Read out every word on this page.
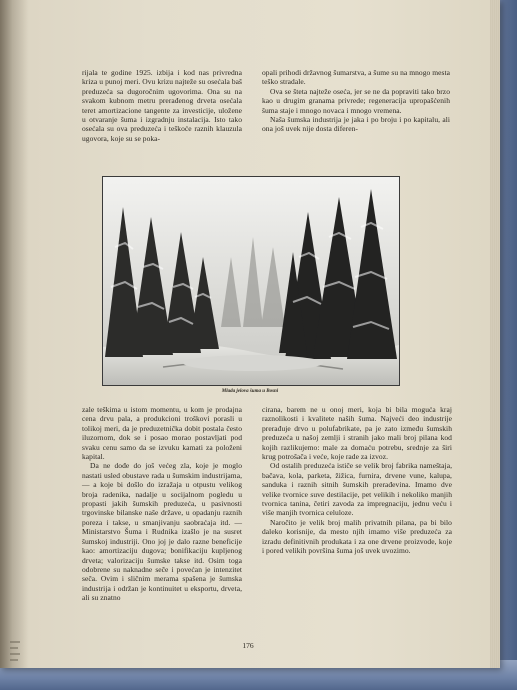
rijala te godine 1925. izbija i kod nas privredna kriza u punoj meri. Ovu krizu najteže su osećala baš preduzeća sa dugoročnim ugovorima. Ona su na svakom kubnom metru prerađenog drveta osećala teret amortizacione tangente za investicije, uložene u otvaranje šuma i izgradnju instalacija. Isto tako osećala su ova preduzeća i teškoće raznih klauzula ugovora, koje su se poka-

opali prihodi državnog šumarstva, a šume su na mnogo mesta teško stradale.

Ova se šteta najteže oseća, jer se ne da popraviti tako brzo kao u drugim granama privrede; regeneracija upropašćenih šuma staje i mnogo novaca i mnogo vremena.

Naša šumska industrija je jaka i po broju i po kapitalu, ali ona još uvek nije dosta diferen-

Mlada jelova šuma u Bosni

zale teškima u istom momentu, u kom je prodajna cena drvu pala, a produkcioni troškovi porasli u tolikoj meri, da je preduzetnička dobit postala često iluzornom, dok se i posao morao postavljati pod svaku cenu samo da se izvuku kamati za položeni kapital.

Da ne dođe do još većeg zla, koje je moglo nastati usled obustave rada u šumskim industrijama, — a koje bi došlo do izražaja u otpustu velikog broja radenika, nadalje u socijalnom pogledu u propasti jakih šumskih preduzeća, u pasivnosti trgovinske bilanske naše države, u opadanju raznih poreza i takse, u smanjivanju saobraćaja itd. — Ministarstvo Šuma i Rudnika izašlo je na susret šumskoj industriji. Ono joj je dalo razne beneficije kao: amortizaciju dugova; bonifikaciju kupljenog drveta; valorizaciju šumske takse itd. Osim toga odobrene su naknadne seče i povećan je intenzitet seča. Ovim i sličnim merama spašena je šumska industrija i održan je kontinuitet u eksportu, drveta, ali su znatno

cirana, barem ne u onoj meri, koja bi bila moguća kraj raznolikosti i kvalitete naših šuma. Najveći deo industrije prerađuje drvo u polufabrikate, pa je zato između šumskih preduzeća u našoj zemlji i stranih jako mali broj pilana kod kojih razlikujemo: male za domaću potrebu, srednje za širi krug potrošača i veće, koje rade za izvoz.

Od ostalih preduzeća ističe se velik broj fabrika nameštaja, bačava, kola, parketa, žižica, furnira, drvene vune, kalupa, sanduka i raznih sitnih šumskih prerađevina. Imamo dve velike tvornice suve destilacije, pet velikih i nekoliko manjih tvornica tanina, četiri zavoda za impregnaciju, jednu veću i više manjih tvornica celuloze.

Naročito je velik broj malih privatnih pilana, pa bi bilo daleko korisnije, da mesto njih imamo više preduzeća za izradu definitivnih produkata i za one drvene proizvode, koje i pored velikih površina šuma još uvek uvozimo.

176
